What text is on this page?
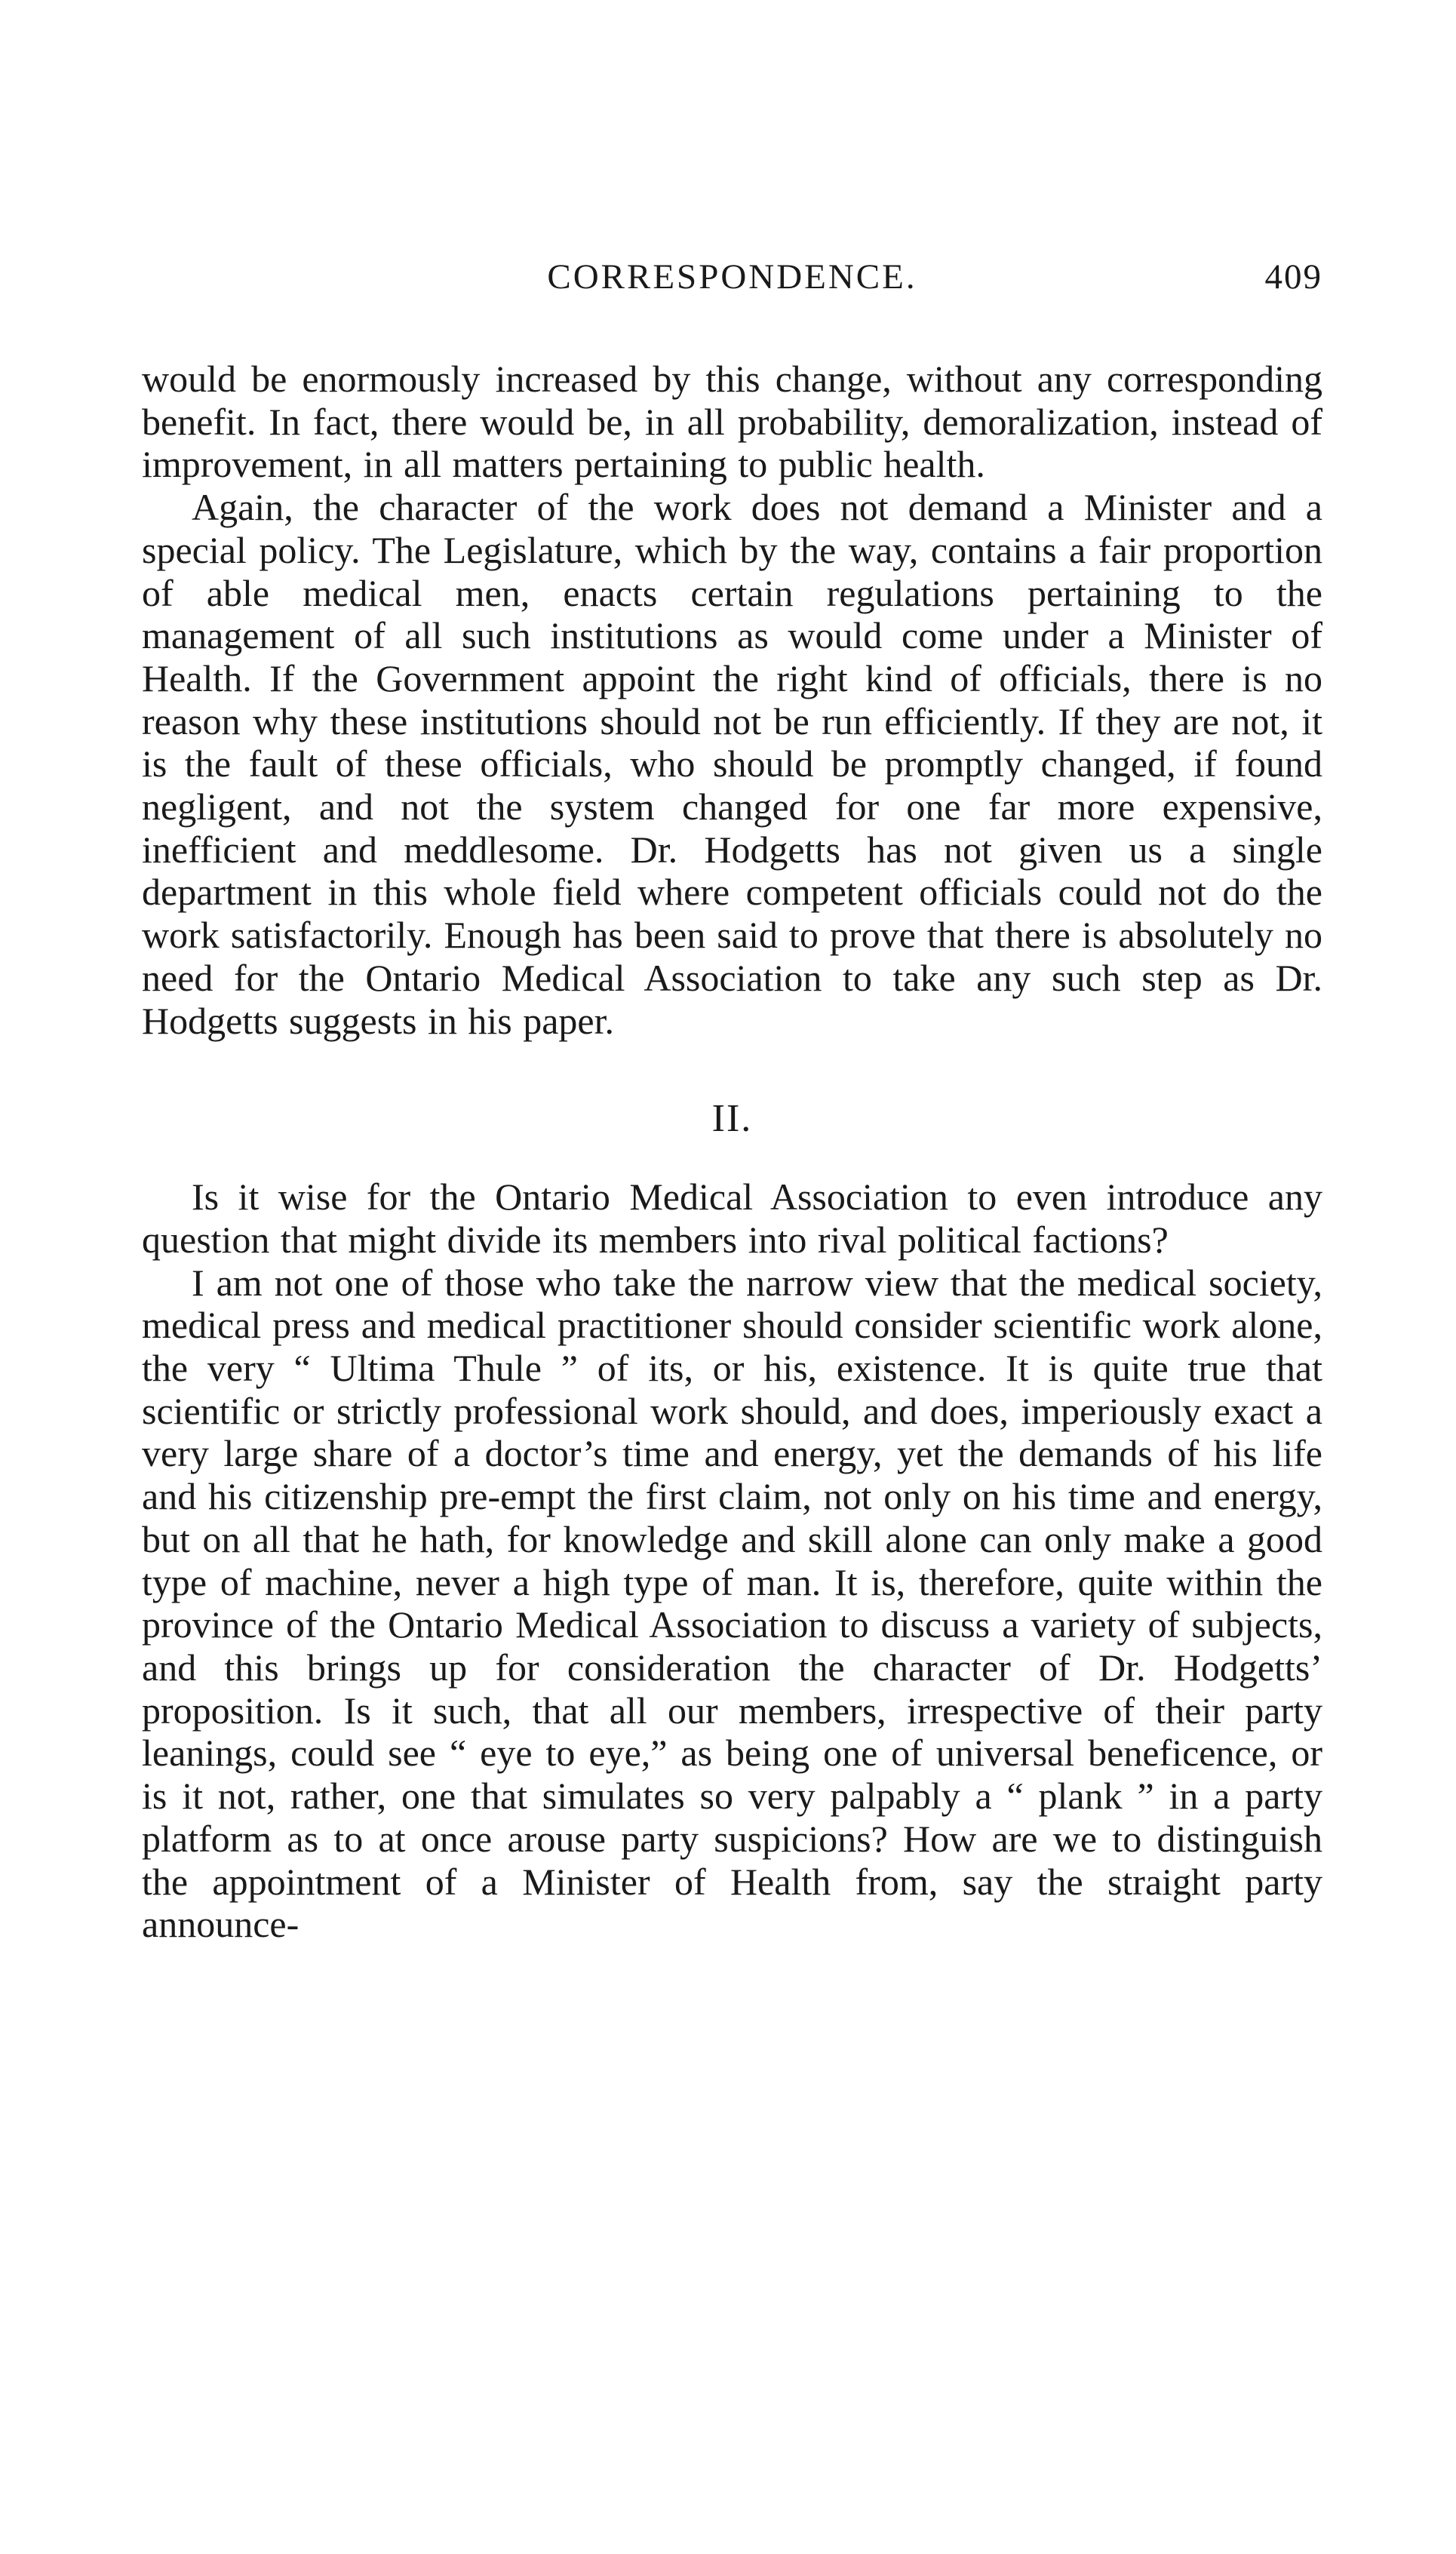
CORRESPONDENCE.	409

would be enormously increased by this change, without any corresponding benefit. In fact, there would be, in all probability, demoralization, instead of improvement, in all matters pertaining to public health.

Again, the character of the work does not demand a Minister and a special policy. The Legislature, which by the way, contains a fair proportion of able medical men, enacts certain regulations pertaining to the management of all such institutions as would come under a Minister of Health. If the Government appoint the right kind of officials, there is no reason why these institutions should not be run efficiently. If they are not, it is the fault of these officials, who should be promptly changed, if found negligent, and not the system changed for one far more expensive, inefficient and meddlesome. Dr. Hodgetts has not given us a single department in this whole field where competent officials could not do the work satisfactorily. Enough has been said to prove that there is absolutely no need for the Ontario Medical Association to take any such step as Dr. Hodgetts suggests in his paper.

II.

Is it wise for the Ontario Medical Association to even introduce any question that might divide its members into rival political factions?

I am not one of those who take the narrow view that the medical society, medical press and medical practitioner should consider scientific work alone, the very “ Ultima Thule ” of its, or his, existence. It is quite true that scientific or strictly professional work should, and does, imperiously exact a very large share of a doctor’s time and energy, yet the demands of his life and his citizenship pre-empt the first claim, not only on his time and energy, but on all that he hath, for knowledge and skill alone can only make a good type of machine, never a high type of man. It is, therefore, quite within the province of the Ontario Medical Association to discuss a variety of subjects, and this brings up for consideration the character of Dr. Hodgetts’ proposition. Is it such, that all our members, irrespective of their party leanings, could see “ eye to eye,” as being one of universal beneficence, or is it not, rather, one that simulates so very palpably a “ plank ” in a party platform as to at once arouse party suspicions? How are we to distinguish the appointment of a Minister of Health from, say the straight party announce-
